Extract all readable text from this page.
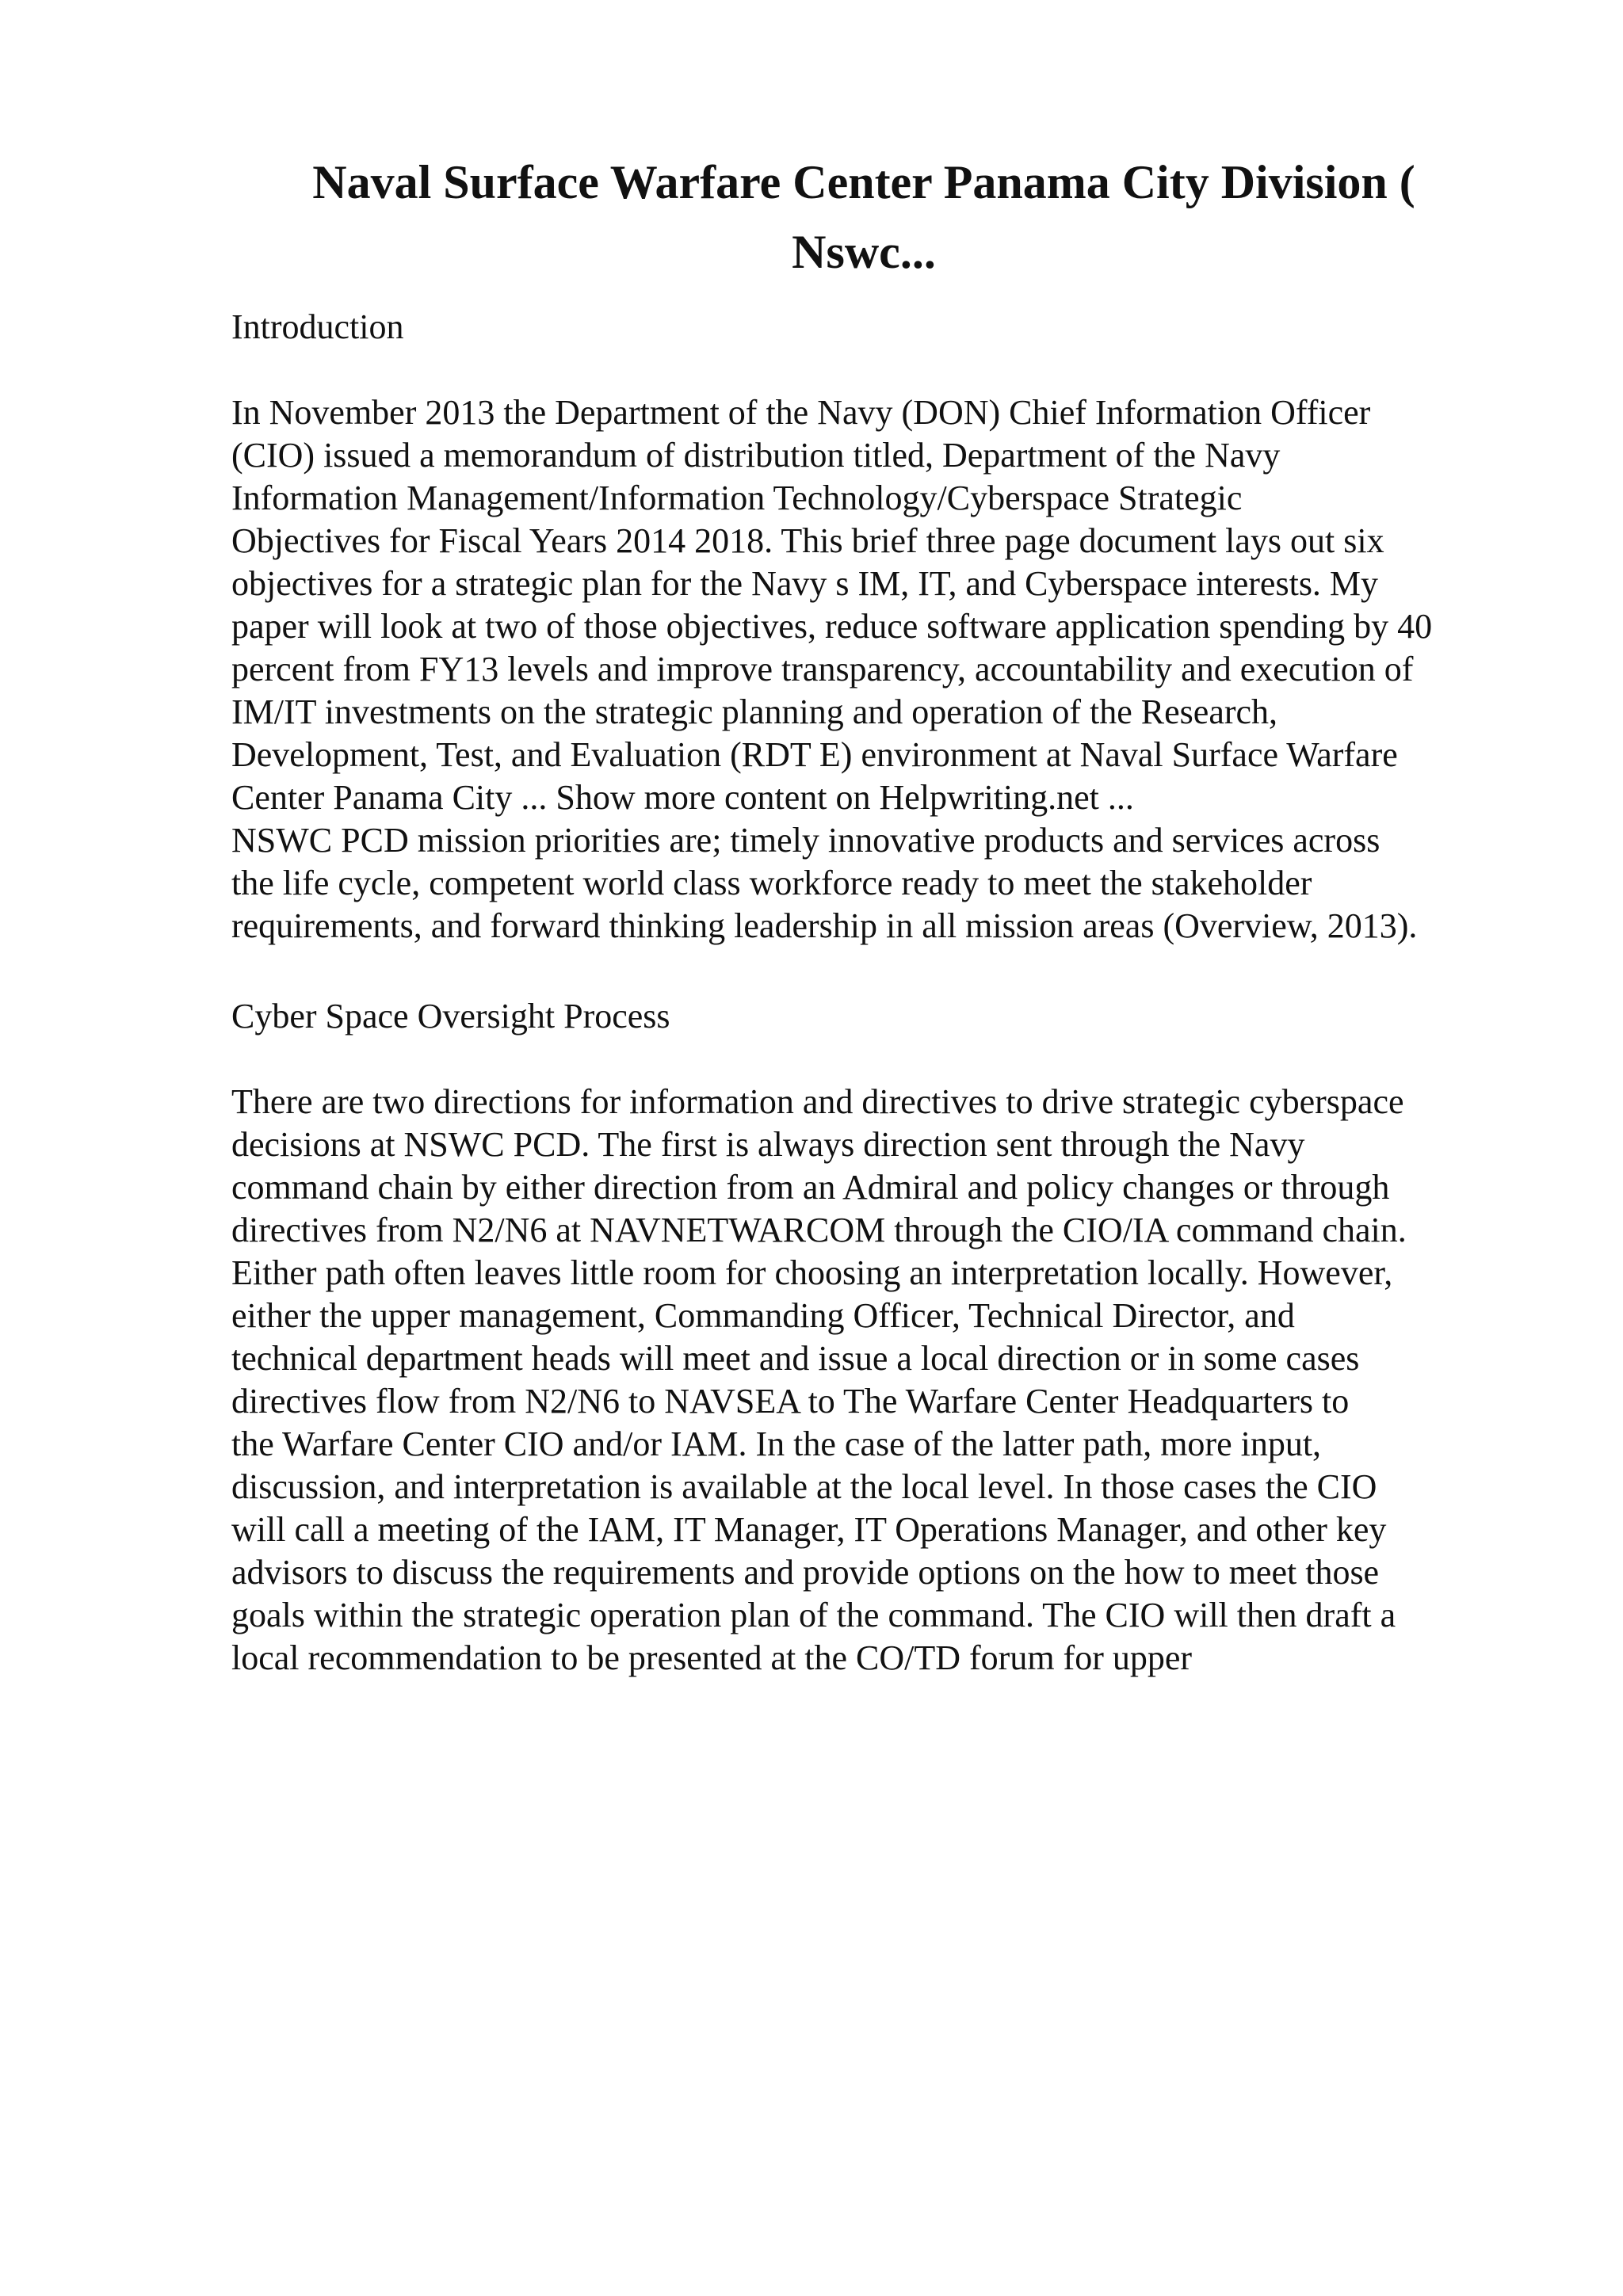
Naval Surface Warfare Center Panama City Division (
Nswc...

Introduction

In November 2013 the Department of the Navy (DON) Chief Information Officer
(CIO) issued a memorandum of distribution titled, Department of the Navy
Information Management/Information Technology/Cyberspace Strategic
Objectives for Fiscal Years 2014 2018. This brief three page document lays out six
objectives for a strategic plan for the Navy s IM, IT, and Cyberspace interests. My
paper will look at two of those objectives, reduce software application spending by 40
percent from FY13 levels and improve transparency, accountability and execution of
IM/IT investments on the strategic planning and operation of the Research,
Development, Test, and Evaluation (RDT E) environment at Naval Surface Warfare
Center Panama City ... Show more content on Helpwriting.net ...
NSWC PCD mission priorities are; timely innovative products and services across
the life cycle, competent world class workforce ready to meet the stakeholder
requirements, and forward thinking leadership in all mission areas (Overview, 2013).

Cyber Space Oversight Process

There are two directions for information and directives to drive strategic cyberspace
decisions at NSWC PCD. The first is always direction sent through the Navy
command chain by either direction from an Admiral and policy changes or through
directives from N2/N6 at NAVNETWARCOM through the CIO/IA command chain.
Either path often leaves little room for choosing an interpretation locally. However,
either the upper management, Commanding Officer, Technical Director, and
technical department heads will meet and issue a local direction or in some cases
directives flow from N2/N6 to NAVSEA to The Warfare Center Headquarters to
the Warfare Center CIO and/or IAM. In the case of the latter path, more input,
discussion, and interpretation is available at the local level. In those cases the CIO
will call a meeting of the IAM, IT Manager, IT Operations Manager, and other key
advisors to discuss the requirements and provide options on the how to meet those
goals within the strategic operation plan of the command. The CIO will then draft a
local recommendation to be presented at the CO/TD forum for upper
